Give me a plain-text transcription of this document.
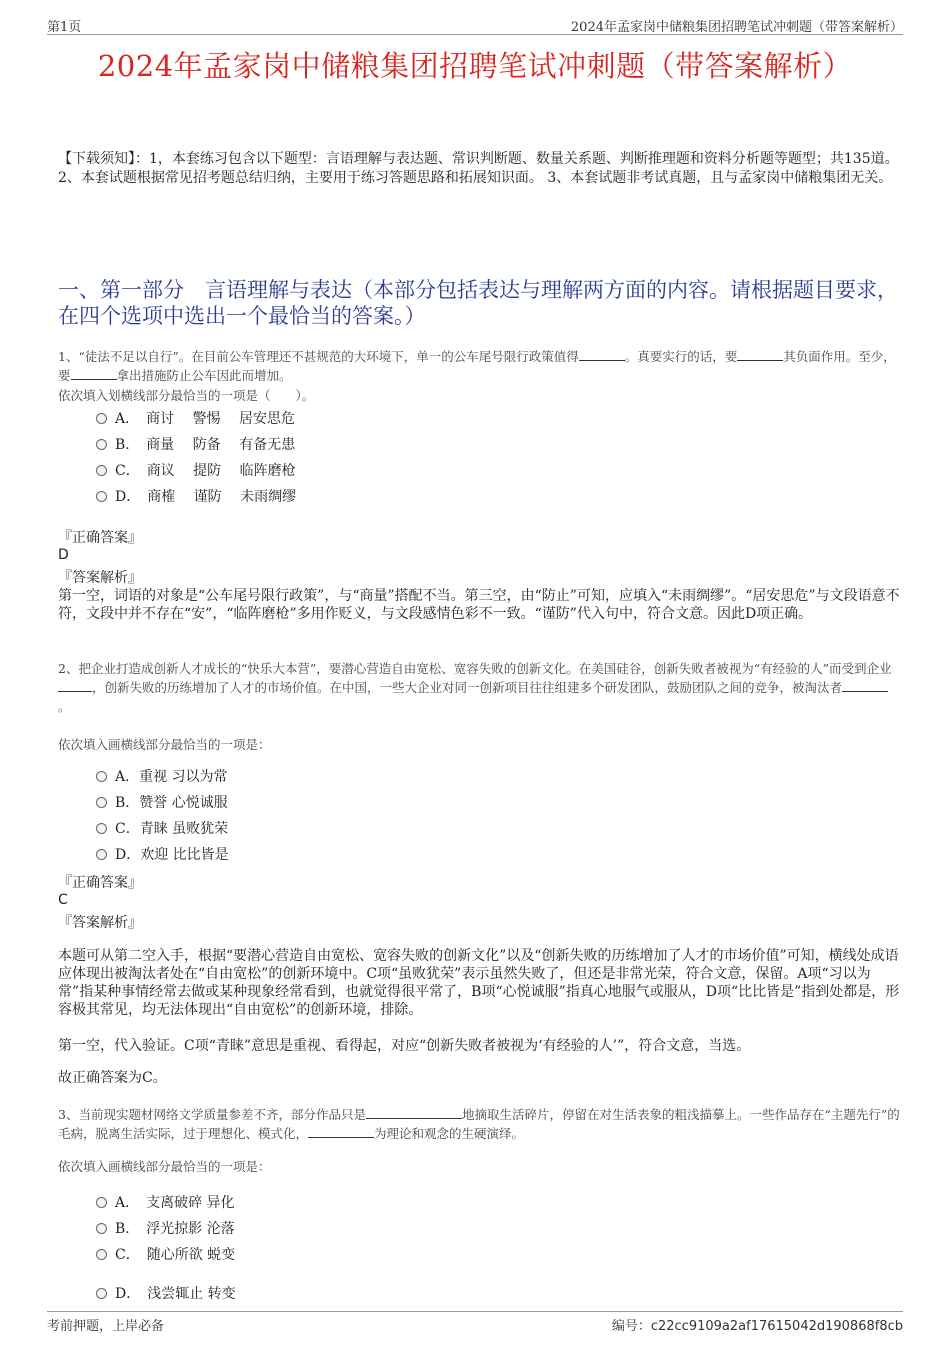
第1页	2024年孟家岗中储粮集团招聘笔试冲刺题（带答案解析）
2024年孟家岗中储粮集团招聘笔试冲刺题（带答案解析）
【下载须知】：1，本套练习包含以下题型：言语理解与表达题、常识判断题、数量关系题、判断推理题和资料分析题等题型；共135道。 2、本套试题根据常见招考题总结归纳，主要用于练习答题思路和拓展知识面。 3、本套试题非考试真题，且与孟家岗中储粮集团无关。
一、第一部分　言语理解与表达（本部分包括表达与理解两方面的内容。请根据题目要求，在四个选项中选出一个最恰当的答案。）
1、“徒法不足以自行”。在目前公车管理还不甚规范的大环境下，单一的公车尾号限行政策值得	。真要实行的话，要	其负面作用。至少，要	拿出措施防止公车因此而增加。
依次填入划横线部分最恰当的一项是（　　）。
A．　商讨　 警惕　 居安思危
B．　商量　 防备　 有备无患
C．　商议　 提防　 临阵磨枪
D．　商榷　 谨防　 未雨绸缪
『正确答案』
D
『答案解析』
第一空，词语的对象是“公车尾号限行政策”，与“商量”搭配不当。第三空，由“防止”可知，应填入“未雨绸缪”。“居安思危”与文段语意不符，文段中并不存在“安”，“临阵磨枪”多用作贬义，与文段感情色彩不一致。“谨防”代入句中，符合文意。因此D项正确。
2、把企业打造成创新人才成长的“快乐大本营”，要潜心营造自由宽松、宽容失败的创新文化。在美国硅谷，创新失败者被视为“有经验的人”而受到企业，创新失败的历练增加了人才的市场价值。在中国，一些大企业对同一创新项目往往组建多个研发团队，鼓励团队之间的竞争，被淘汰者。
依次填入画横线部分最恰当的一项是：
A．重视 习以为常
B．赞誉 心悦诚服
C．青睐 虽败犹荣
D．欢迎 比比皆是
『正确答案』
C
『答案解析』
本题可从第二空入手，根据“要潜心营造自由宽松、宽容失败的创新文化”以及“创新失败的历练增加了人才的市场价值”可知，横线处成语应体现出被淘汰者处在“自由宽松”的创新环境中。C项“虽败犹荣”表示虽然失败了，但还是非常光荣，符合文意，保留。A项“习以为常”指某种事情经常去做或某种现象经常看到，也就觉得很平常了，B项“心悦诚服”指真心地服气或服从，D项“比比皆是”指到处都是，形容极其常见，均无法体现出“自由宽松”的创新环境，排除。
第一空，代入验证。C项“青睐”意思是重视、看得起，对应“创新失败者被视为‘有经验的人’”，符合文意，当选。
故正确答案为C。
3、当前现实题材网络文学质量参差不齐，部分作品只是	地摘取生活碎片，停留在对生活表象的粗浅描摹上。一些作品存在“主题先行”的毛病，脱离生活实际，过于理想化、模式化，	为理论和观念的生硬演绎。
依次填入画横线部分最恰当的一项是：
A．　支离破碎 异化
B．　浮光掠影 沦落
C．　随心所欲 蜕变
D．　浅尝辄止 转变
考前押题，上岸必备	编号：c22cc9109a2af17615042d190868f8cb
